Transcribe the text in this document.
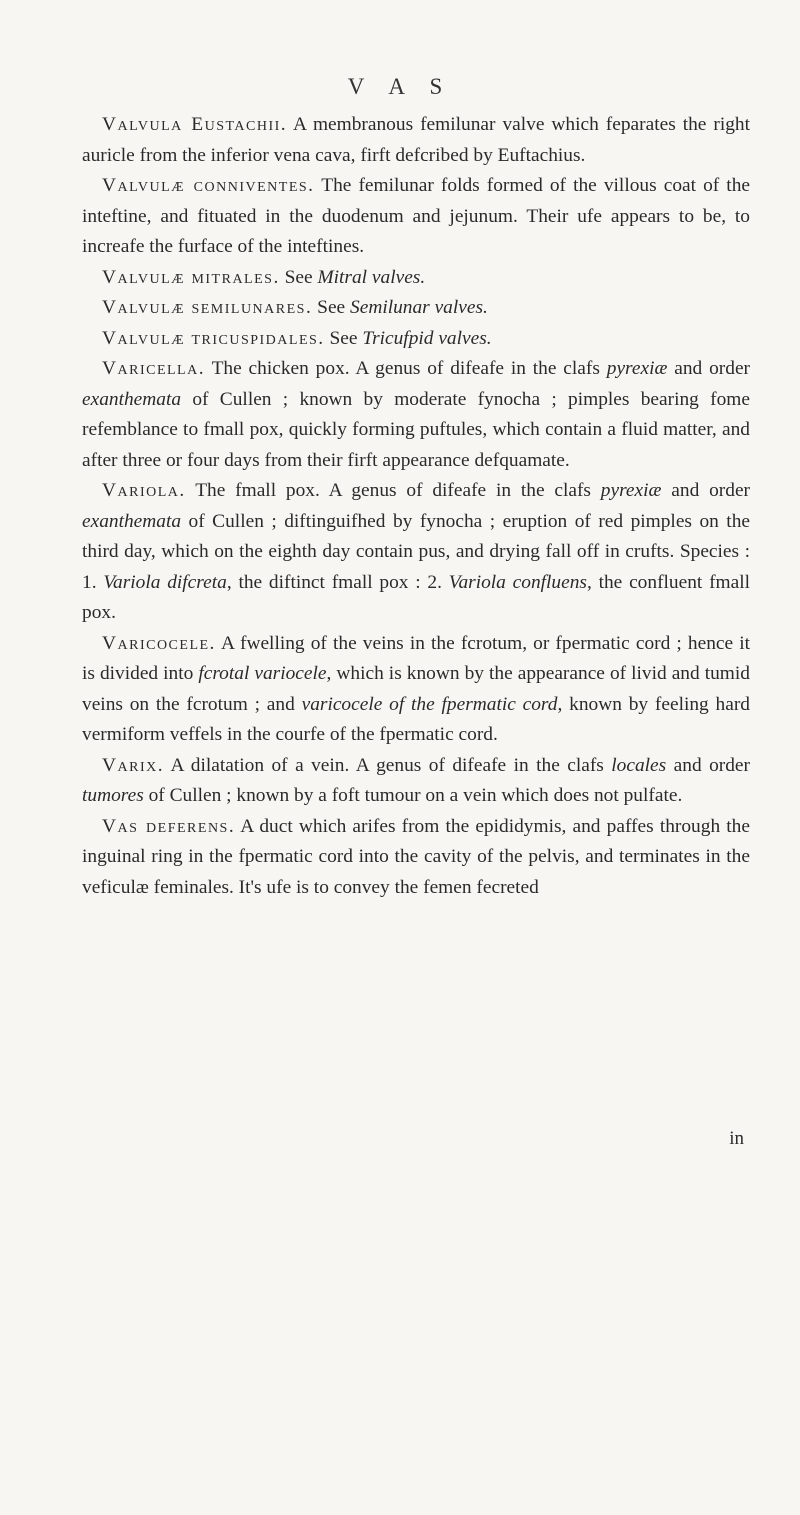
V A S

Valvula Eustachii. A membranous femilunar valve which feparates the right auricle from the inferior vena cava, firft defcribed by Euftachius.

Valvulæ conniventes. The femilunar folds formed of the villous coat of the inteftine, and fituated in the duodenum and jejunum. Their ufe appears to be, to increafe the furface of the inteftines.

Valvulæ mitrales. See Mitral valves.

Valvulæ semilunares. See Semilunar valves.

Valvulæ tricuspidales. See Tricufpid valves.

Varicella. The chicken pox. A genus of difeafe in the clafs pyrexiæ and order exanthemata of Cullen ; known by moderate fynocha ; pimples bearing fome refemblance to fmall pox, quickly forming puftules, which contain a fluid matter, and after three or four days from their firft appearance defquamate.

Variola. The fmall pox. A genus of difeafe in the clafs pyrexiæ and order exanthemata of Cullen ; diftinguifhed by fynocha ; eruption of red pimples on the third day, which on the eighth day contain pus, and drying fall off in crufts. Species : 1. Variola difcreta, the diftinct fmall pox : 2. Variola confluens, the confluent fmall pox.

Varicocele. A fwelling of the veins in the fcrotum, or fpermatic cord ; hence it is divided into fcrotal variocele, which is known by the appearance of livid and tumid veins on the fcrotum ; and varicocele of the fpermatic cord, known by feeling hard vermiform veffels in the courfe of the fpermatic cord.

Varix. A dilatation of a vein. A genus of difeafe in the clafs locales and order tumores of Cullen ; known by a foft tumour on a vein which does not pulfate.

Vas deferens. A duct which arifes from the epididymis, and paffes through the inguinal ring in the fpermatic cord into the cavity of the pelvis, and terminates in the veficulæ feminales. It's ufe is to convey the femen fecreted

in
